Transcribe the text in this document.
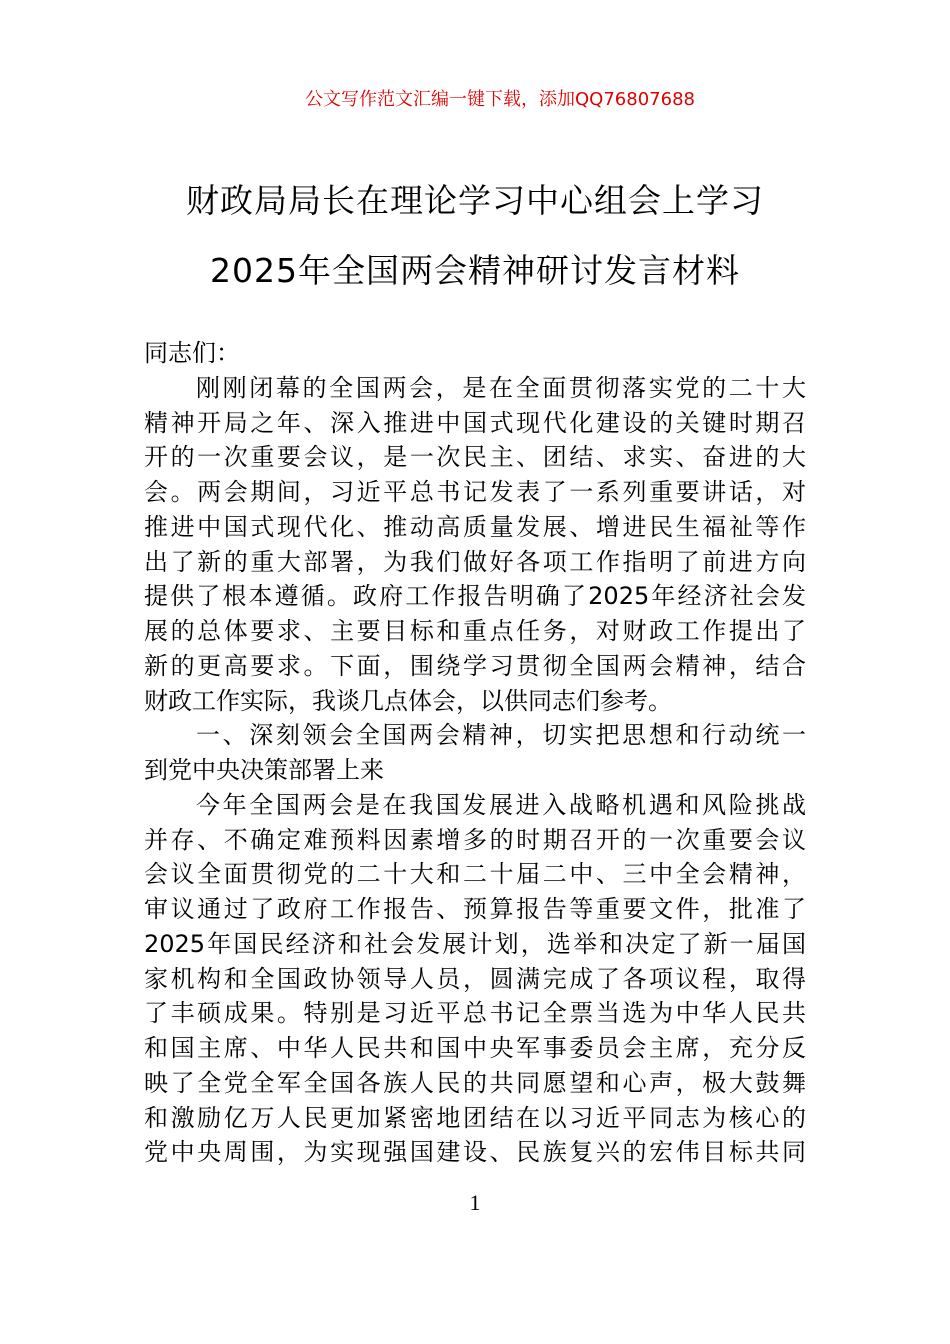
公文写作范文汇编一键下载，添加QQ76807688
财政局局长在理论学习中心组会上学习
2025年全国两会精神研讨发言材料
同志们：
刚刚闭幕的全国两会，是在全面贯彻落实党的二十大
精神开局之年、深入推进中国式现代化建设的关键时期召
开的一次重要会议，是一次民主、团结、求实、奋进的大
会。两会期间，习近平总书记发表了一系列重要讲话，对
推进中国式现代化、推动高质量发展、增进民生福祉等作
出了新的重大部署，为我们做好各项工作指明了前进方向
提供了根本遵循。政府工作报告明确了2025年经济社会发
展的总体要求、主要目标和重点任务，对财政工作提出了
新的更高要求。下面，围绕学习贯彻全国两会精神，结合
财政工作实际，我谈几点体会，以供同志们参考。
一、深刻领会全国两会精神，切实把思想和行动统一
到党中央决策部署上来
今年全国两会是在我国发展进入战略机遇和风险挑战
并存、不确定难预料因素增多的时期召开的一次重要会议
会议全面贯彻党的二十大和二十届二中、三中全会精神，
审议通过了政府工作报告、预算报告等重要文件，批准了
2025年国民经济和社会发展计划，选举和决定了新一届国
家机构和全国政协领导人员，圆满完成了各项议程，取得
了丰硕成果。特别是习近平总书记全票当选为中华人民共
和国主席、中华人民共和国中央军事委员会主席，充分反
映了全党全军全国各族人民的共同愿望和心声，极大鼓舞
和激励亿万人民更加紧密地团结在以习近平同志为核心的
党中央周围，为实现强国建设、民族复兴的宏伟目标共同
1
